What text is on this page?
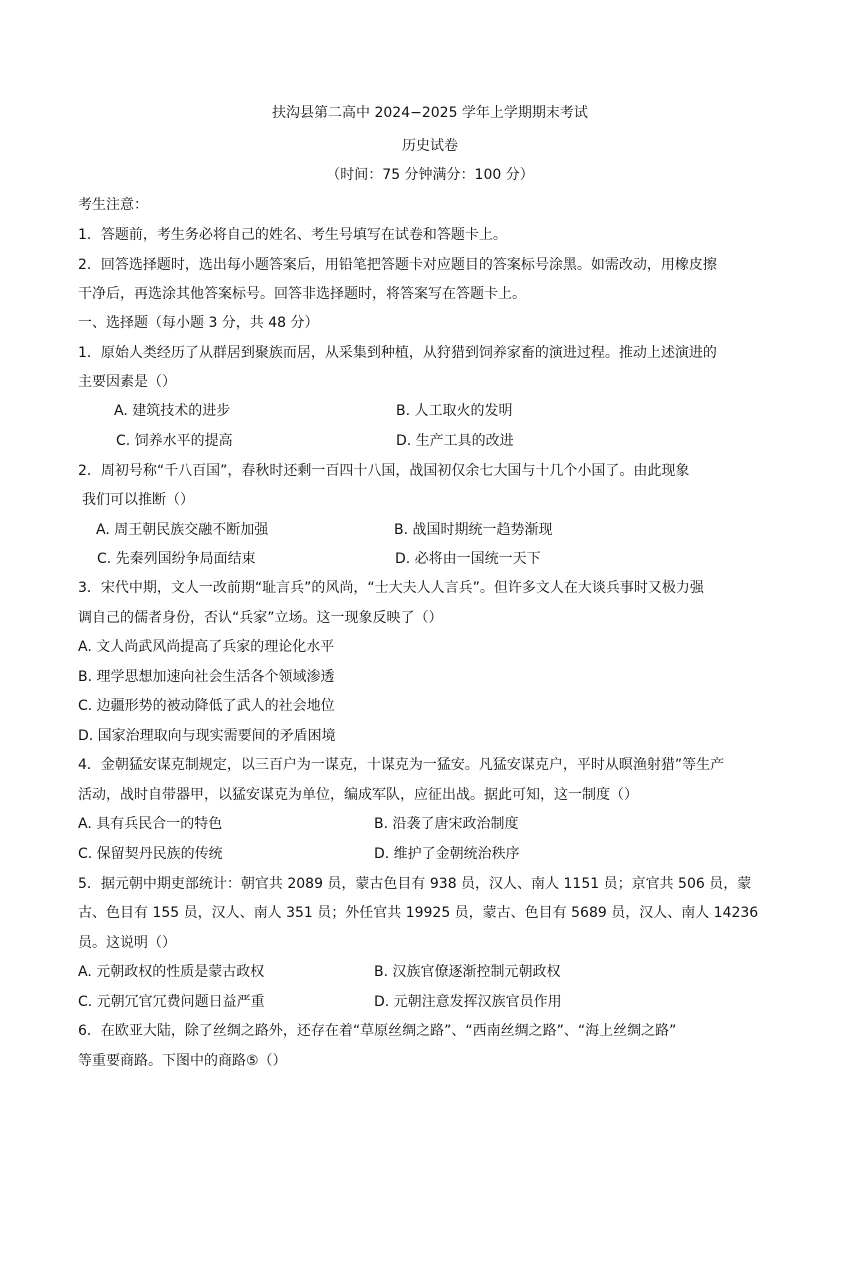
扶沟县第二高中 2024−2025 学年上学期期末考试
历史试卷
（时间：75 分钟满分：100 分）
考生注意：
1．答题前，考生务必将自己的姓名、考生号填写在试卷和答题卡上。
2．回答选择题时，选出每小题答案后，用铅笔把答题卡对应题目的答案标号涂黑。如需改动，用橡皮擦
干净后，再选涂其他答案标号。回答非选择题时，将答案写在答题卡上。
一、选择题（每小题 3 分，共 48 分）
1．原始人类经历了从群居到聚族而居，从采集到种植，从狩猎到饲养家畜的演进过程。推动上述演进的
主要因素是（）
A. 建筑技术的进步	B. 人工取火的发明
C. 饲养水平的提高	D. 生产工具的改进
2．周初号称“千八百国”，春秋时还剩一百四十八国，战国初仅余七大国与十几个小国了。由此现象
我们可以推断（）
A. 周王朝民族交融不断加强	B. 战国时期统一趋势渐现
C. 先秦列国纷争局面结束	D. 必将由一国统一天下
3．宋代中期，文人一改前期“耻言兵”的风尚，“士大夫人人言兵”。但许多文人在大谈兵事时又极力强
调自己的儒者身份，否认“兵家”立场。这一现象反映了（）
A. 文人尚武风尚提高了兵家的理论化水平
B. 理学思想加速向社会生活各个领域渗透
C. 边疆形势的被动降低了武人的社会地位
D. 国家治理取向与现实需要间的矛盾困境
4．金朝猛安谋克制规定，以三百户为一谋克，十谋克为一猛安。凡猛安谋克户，平时从暝渔射猎”等生产
活动，战时自带器甲，以猛安谋克为单位，编成军队，应征出战。据此可知，这一制度（）
A. 具有兵民合一的特色	B. 沿袭了唐宋政治制度
C. 保留契丹民族的传统	D. 维护了金朝统治秩序
5．据元朝中期吏部统计：朝官共 2089 员，蒙古色目有 938 员，汉人、南人 1151 员；京官共 506 员，蒙
古、色目有 155 员，汉人、南人 351 员；外任官共 19925 员，蒙古、色目有 5689 员，汉人、南人 14236
员。这说明（）
A. 元朝政权的性质是蒙古政权	B. 汉族官僚逐渐控制元朝政权
C. 元朝冗官冗费问题日益严重	D. 元朝注意发挥汉族官员作用
6．在欧亚大陆，除了丝绸之路外，还存在着“草原丝绸之路”、“西南丝绸之路”、“海上丝绸之路”
等重要商路。下图中的商路⑤（）
